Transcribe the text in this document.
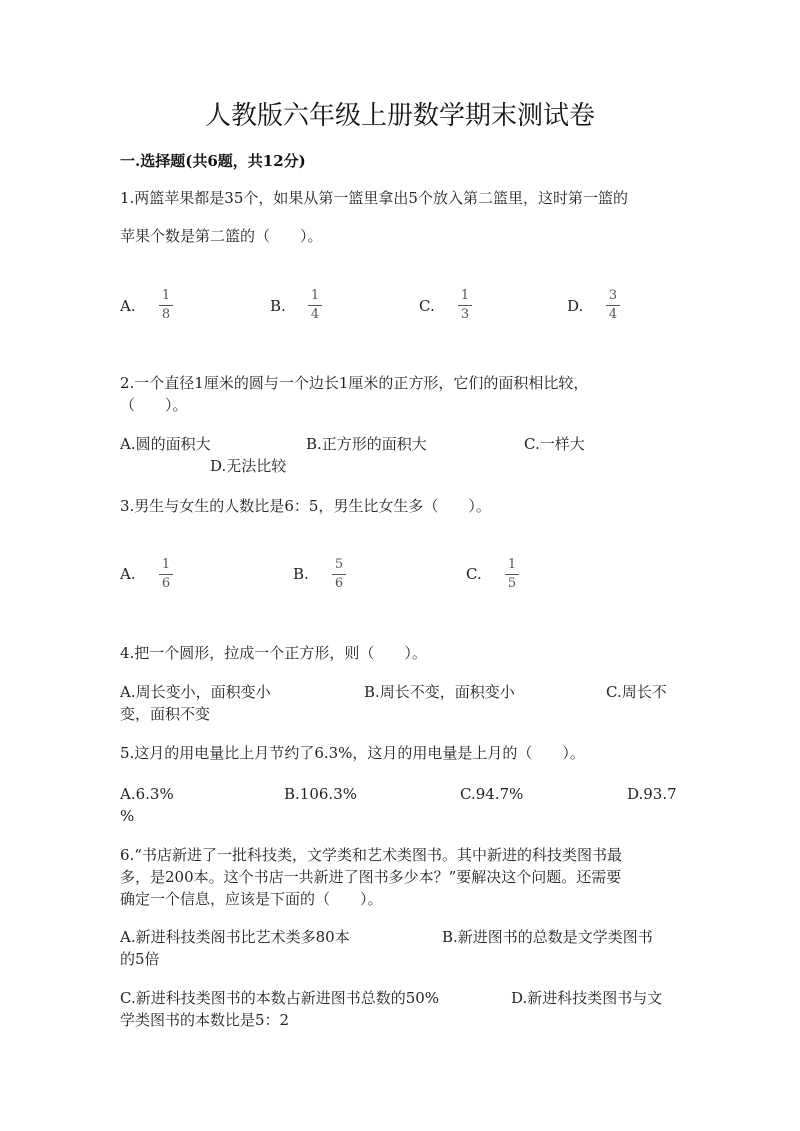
人教版六年级上册数学期末测试卷
一.选择题(共6题，共12分)
1.两篮苹果都是35个，如果从第一篮里拿出5个放入第二篮里，这时第一篮的
苹果个数是第二篮的（　　）。
A.
1
8	B.
1
4	C.
1
3	D.
3
4
2.一个直径1厘米的圆与一个边长1厘米的正方形，它们的面积相比较，
（　　）。
A.圆的面积大	B.正方形的面积大	C.一样大
D.无法比较
3.男生与女生的人数比是6：5，男生比女生多（　　）。
A.
1
6
B.
5
6
C.
1
5
4.把一个圆形，拉成一个正方形，则（　　）。
A.周长变小，面积变小	B.周长不变，面积变小	C.周长不
变，面积不变
5.这月的用电量比上月节约了6.3%，这月的用电量是上月的（　　）。
A.6.3%	B.106.3%	C.94.7%	D.93.7
%
6.“书店新进了一批科技类，文学类和艺术类图书。其中新进的科技类图书最
多，是200本。这个书店一共新进了图书多少本？”要解决这个问题。还需要
确定一个信息，应该是下面的（　　）。
A.新进科技类阁书比艺术类多80本	B.新进图书的总数是文学类图书
的5倍
C.新进科技类图书的本数占新进图书总数的50%	D.新进科技类图书与文
学类图书的本数比是5：2
